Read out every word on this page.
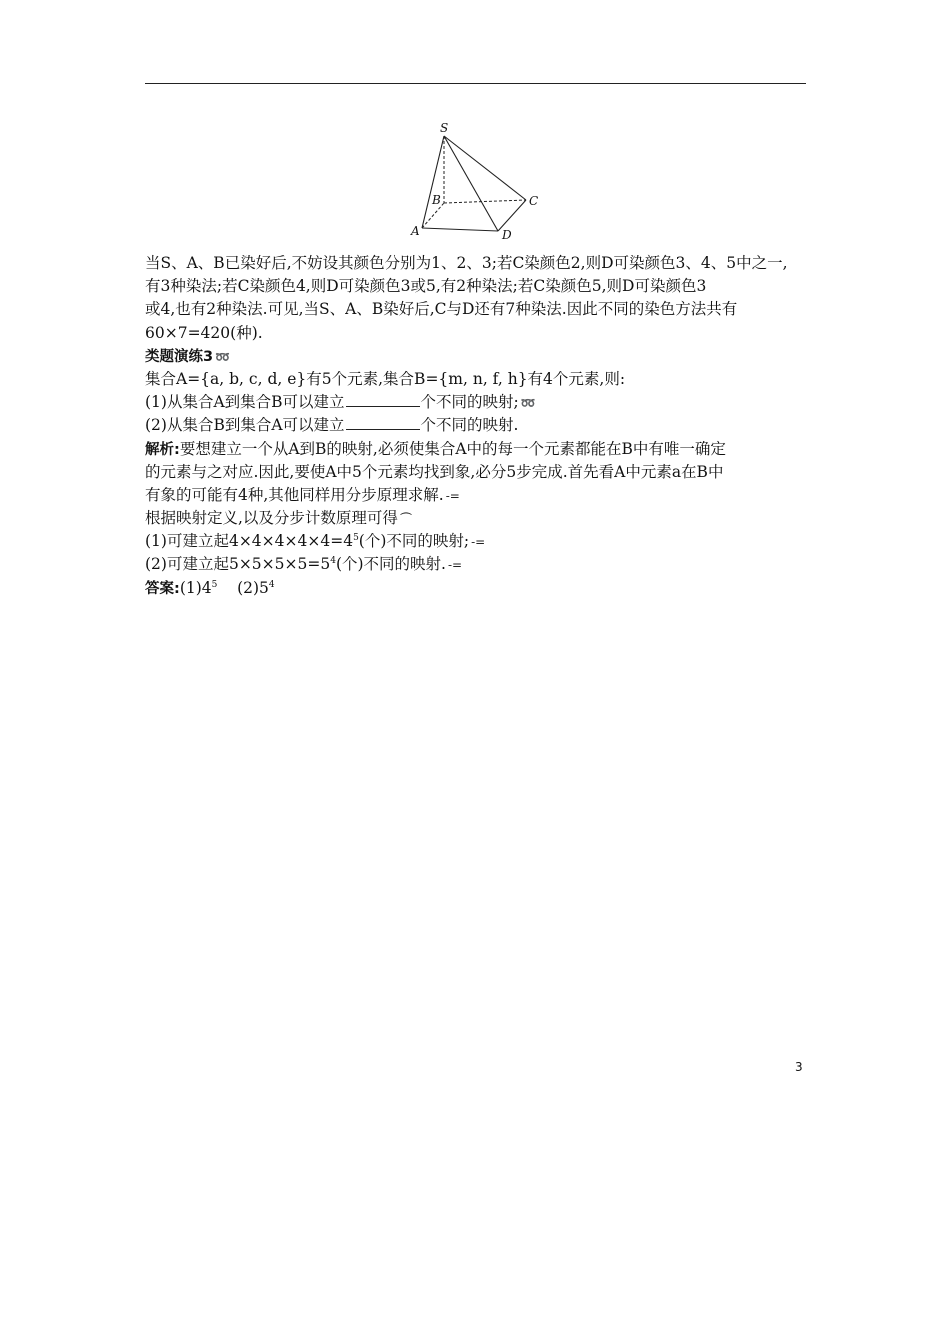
S
B	C
A	D
当S、A、B已染好后,不妨设其颜色分别为1、2、3;若C染颜色2,则D可染颜色3、4、5中之一,
有3种染法;若C染颜色4,则D可染颜色3或5,有2种染法;若C染颜色5,则D可染颜色3
或4,也有2种染法.可见,当S、A、B染好后,C与D还有7种染法.因此不同的染色方法共有
60×7=420(种).
类题演练3 ➿
集合A={a, b, c, d, e}有5个元素,集合B={m, n, f, h}有4个元素,则:
(1)从集合A到集合B可以建立	个不同的映射; ➿
(2)从集合B到集合A可以建立	个不同的映射.
解析:要想建立一个从A到B的映射,必须使集合A中的每一个元素都能在B中有唯一确定
的元素与之对应.因此,要使A中5个元素均找到象,必分5步完成.首先看A中元素a在B中
有象的可能有4种,其他同样用分步原理求解. -=
根据映射定义,以及分步计数原理可得 ⏜
(1)可建立起$4\times 4\times 4\times 4\times 4=4^5$(个)不同的映射; -=
(2)可建立起$5\times 5\times 5\times 5=5^4$(个)不同的映射. -=
答案$:(1)4^5$ $(2)5^4$
3
